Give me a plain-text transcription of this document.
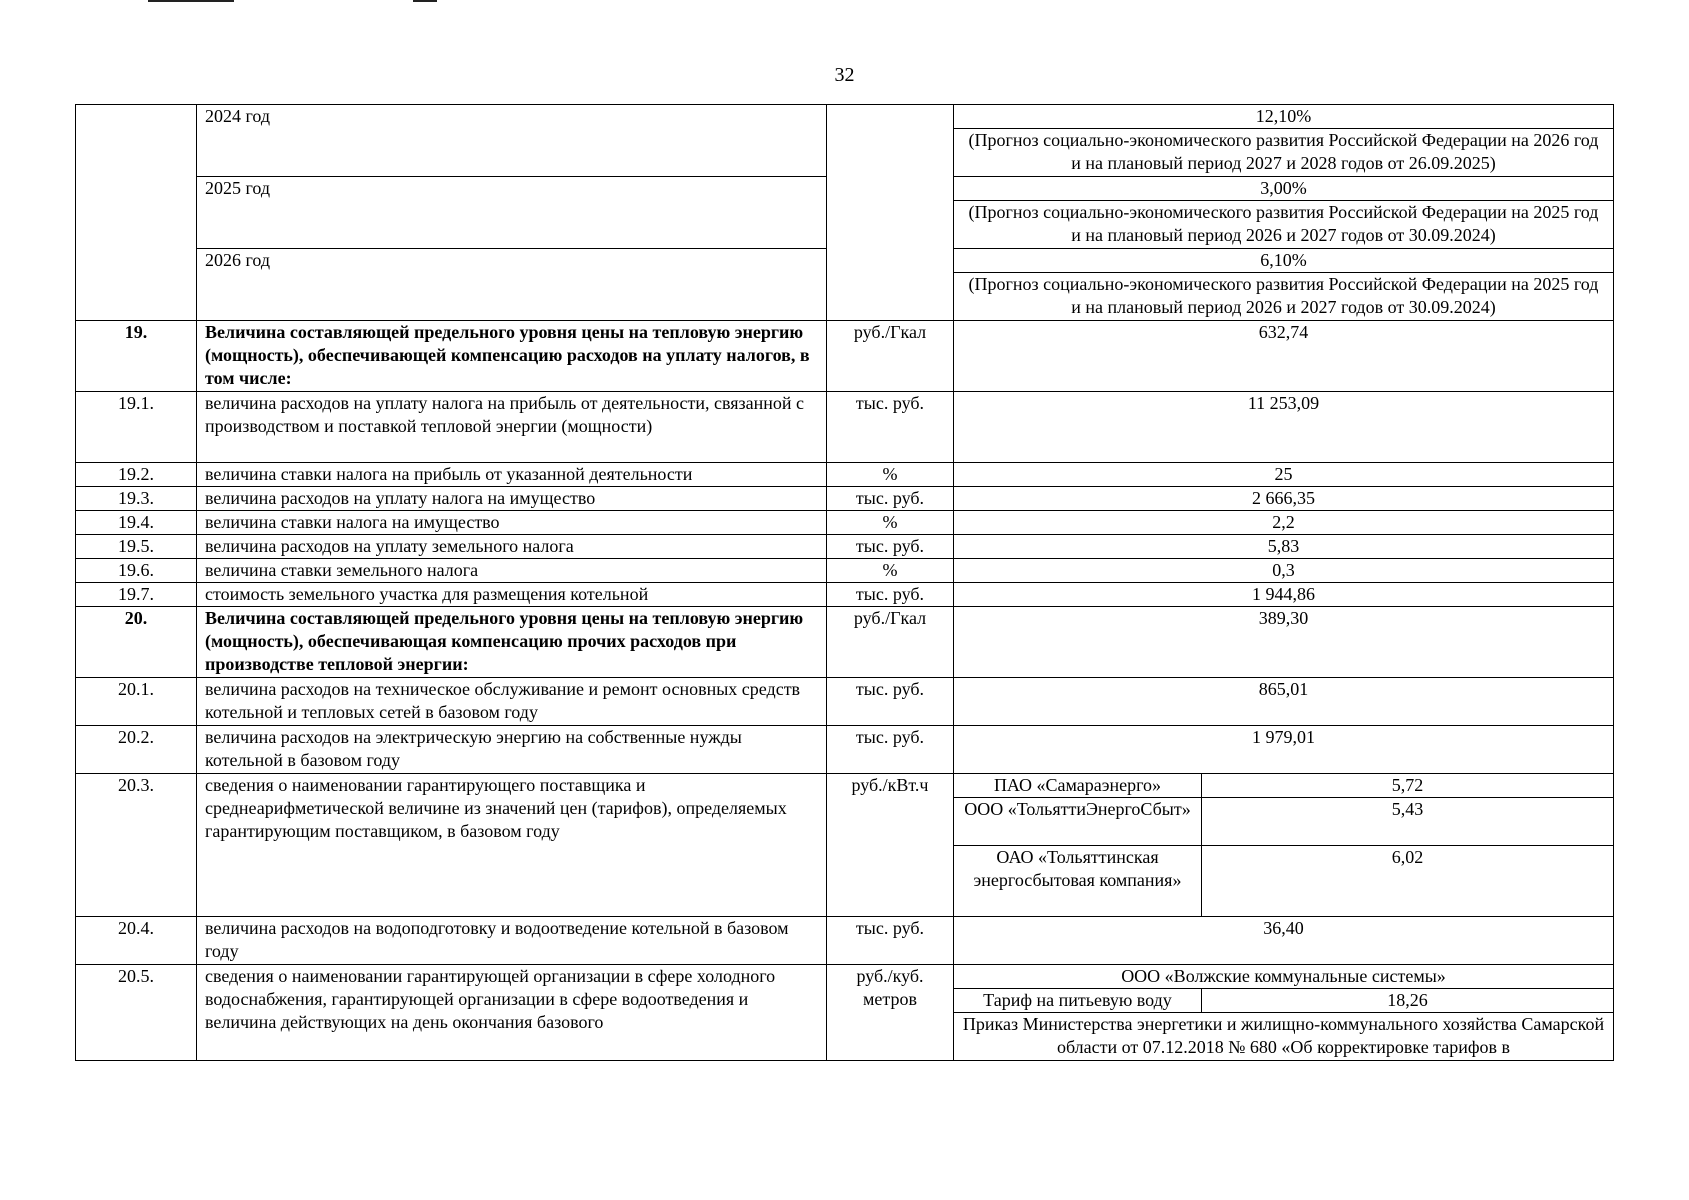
32
	2024 год		12,10%	
			(Прогноз социально-экономического развития Российской Федерации на 2026 год и на плановый период 2027 и 2028 годов от 26.09.2025)	
	2025 год		3,00%	
			(Прогноз социально-экономического развития Российской Федерации на 2025 год и на плановый период 2026 и 2027 годов от 30.09.2024)	
	2026 год		6,10%	
			(Прогноз социально-экономического развития Российской Федерации на 2025 год и на плановый период 2026 и 2027 годов от 30.09.2024)	
19.	Величина составляющей предельного уровня цены на тепловую энергию (мощность), обеспечивающей компенсацию расходов на уплату налогов, в том числе:	руб./Гкал	632,74	
19.1.	величина расходов на уплату налога на прибыль от деятельности, связанной с производством и поставкой тепловой энергии (мощности)	тыс. руб.	11 253,09	
19.2.	величина ставки налога на прибыль от указанной деятельности	%	25	
19.3.	величина расходов на уплату налога на имущество	тыс. руб.	2 666,35	
19.4.	величина ставки налога на имущество	%	2,2	
19.5.	величина расходов на уплату земельного налога	тыс. руб.	5,83	
19.6.	величина ставки земельного налога	%	0,3	
19.7.	стоимость земельного участка для размещения котельной	тыс. руб.	1 944,86	
20.	Величина составляющей предельного уровня цены на тепловую энергию (мощность), обеспечивающая компенсацию прочих расходов при производстве тепловой энергии:	руб./Гкал	389,30	
20.1.	величина расходов на техническое обслуживание и ремонт основных средств котельной и тепловых сетей в базовом году	тыс. руб.	865,01	
20.2.	величина расходов на электрическую энергию на собственные нужды котельной в базовом году	тыс. руб.	1 979,01	
20.3.	сведения о наименовании гарантирующего поставщика и среднеарифметической величине из значений цен (тарифов), определяемых гарантирующим поставщиком, в базовом году	руб./кВт.ч	ПАО «Самараэнерго»	5,72
			ООО «ТольяттиЭнергоСбыт»	5,43
			ОАО «Тольяттинская энергосбытовая компания»	6,02
20.4.	величина расходов на водоподготовку и водоотведение котельной в базовом году	тыс. руб.	36,40	
20.5.	сведения о наименовании гарантирующей организации в сфере холодного водоснабжения, гарантирующей организации в сфере водоотведения и величина действующих на день окончания базового	руб./куб. метров	ООО «Волжские коммунальные системы»	
			Тариф на питьевую воду	18,26

			Приказ Министерства энергетики и жилищно-коммунального хозяйства Самарской области от 07.12.2018 № 680 «Об корректировке тарифов в	
